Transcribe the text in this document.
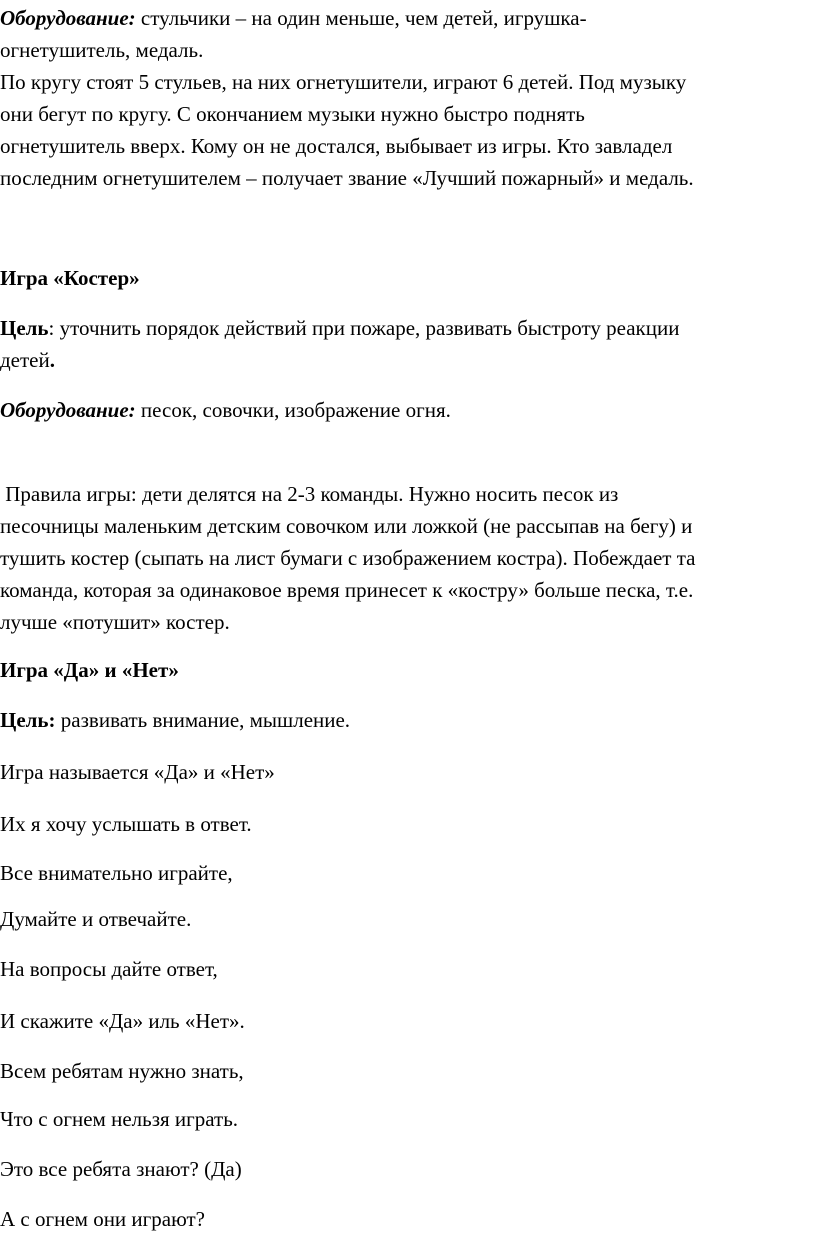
Оборудование: стульчики – на один меньше, чем детей, игрушка-
огнетушитель, медаль.

По кругу стоят 5 стульев, на них огнетушители, играют 6 детей. Под музыку
они бегут по кругу. С окончанием музыки нужно быстро поднять
огнетушитель вверх. Кому он не достался, выбывает из игры. Кто завладел
последним огнетушителем – получает звание «Лучший пожарный» и медаль.

Игра «Костер»

Цель: уточнить порядок действий при пожаре, развивать быстроту реакции
детей.

Оборудование: песок, совочки, изображение огня.

Правила игры: дети делятся на 2-3 команды. Нужно носить песок из
песочницы маленьким детским совочком или ложкой (не рассыпав на бегу) и
тушить костер (сыпать на лист бумаги с изображением костра). Побеждает та
команда, которая за одинаковое время принесет к «костру» больше песка, т.е.
лучше «потушит» костер.

Игра «Да» и «Нет»

Цель: развивать внимание, мышление.

Игра называется «Да» и «Нет»

Их я хочу услышать в ответ.

Все внимательно играйте,

Думайте и отвечайте.

На вопросы дайте ответ,

И скажите «Да» иль «Нет».

Всем ребятам нужно знать,

Что с огнем нельзя играть.

Это все ребята знают? (Да)

А с огнем они играют?
